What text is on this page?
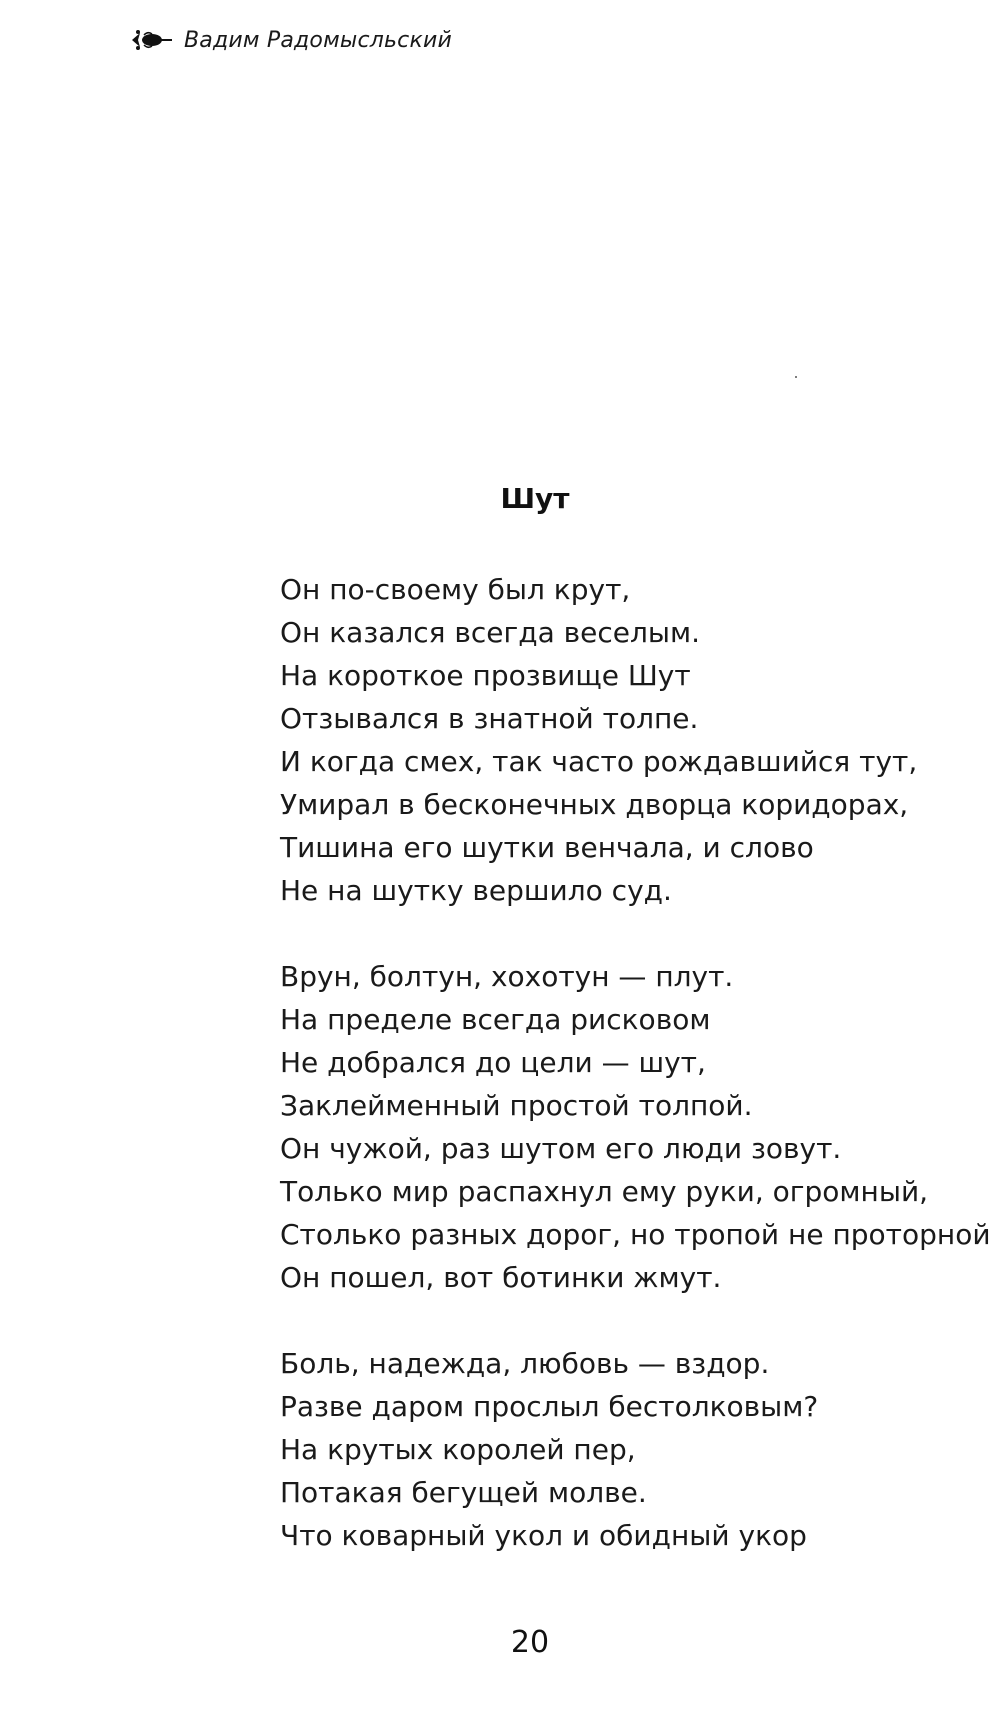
Вадим Радомысльский
Шут
Он по-своему был крут,
Он казался всегда веселым.
На короткое прозвище Шут
Отзывался в знатной толпе.
И когда смех, так часто рождавшийся тут,
Умирал в бесконечных дворца коридорах,
Тишина его шутки венчала, и слово
Не на шутку вершило суд.
Врун, болтун, хохотун — плут.
На пределе всегда рисковом
Не добрался до цели — шут,
Заклейменный простой толпой.
Он чужой, раз шутом его люди зовут.
Только мир распахнул ему руки, огромный,
Столько разных дорог, но тропой не проторной
Он пошел, вот ботинки жмут.
Боль, надежда, любовь — вздор.
Разве даром прослыл бестолковым?
На крутых королей пер,
Потакая бегущей молве.
Что коварный укол и обидный укор
20
